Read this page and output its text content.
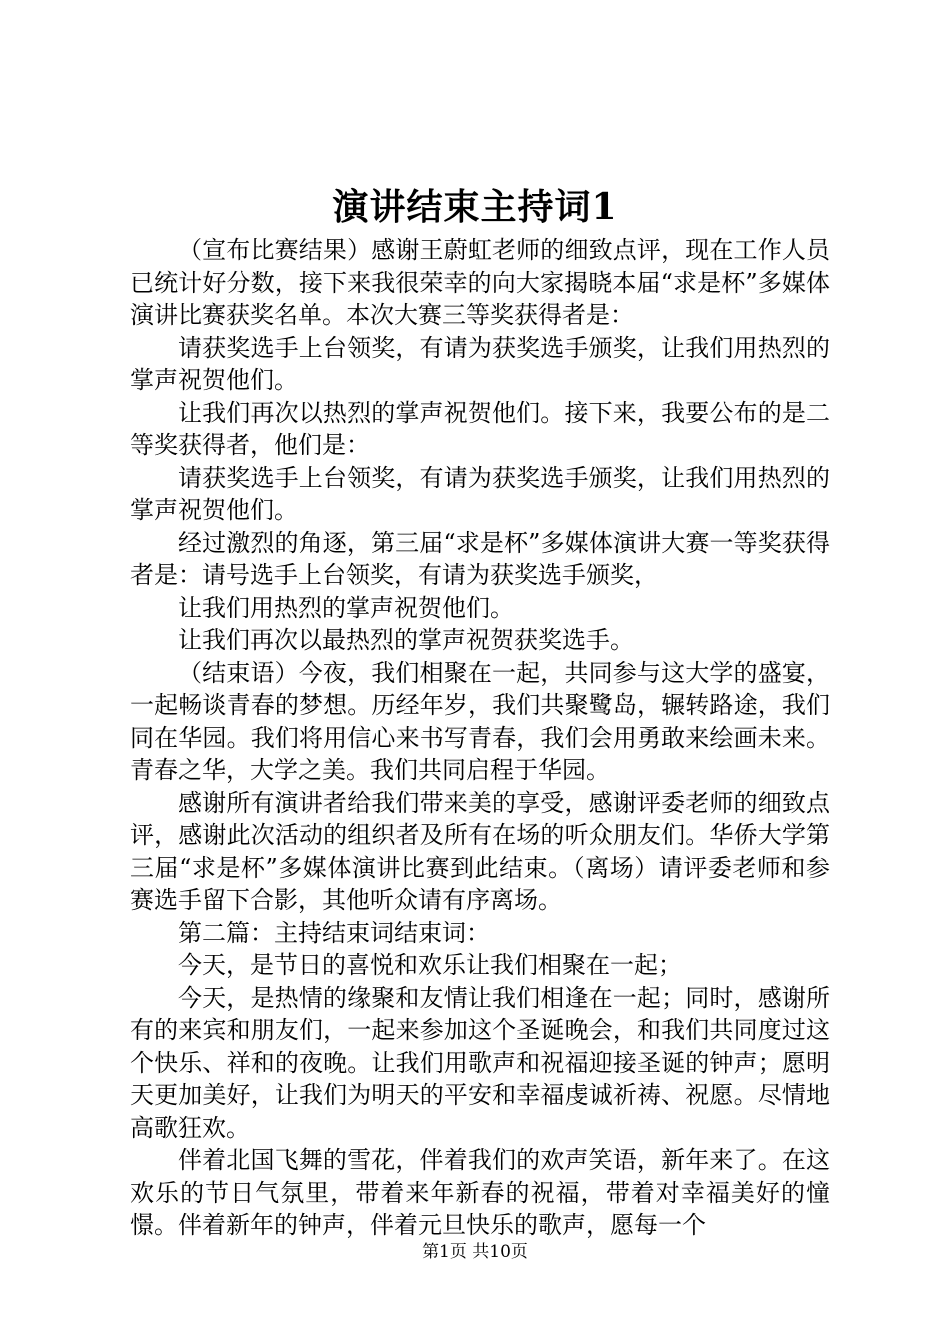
演讲结束主持词1

（宣布比赛结果）感谢王蔚虹老师的细致点评，现在工作人员已统计好分数，接下来我很荣幸的向大家揭晓本届“求是杯”多媒体演讲比赛获奖名单。本次大赛三等奖获得者是：

请获奖选手上台领奖，有请为获奖选手颁奖，让我们用热烈的掌声祝贺他们。

让我们再次以热烈的掌声祝贺他们。接下来，我要公布的是二等奖获得者，他们是：

请获奖选手上台领奖，有请为获奖选手颁奖，让我们用热烈的掌声祝贺他们。

经过激烈的角逐，第三届“求是杯”多媒体演讲大赛一等奖获得者是：请号选手上台领奖，有请为获奖选手颁奖，

让我们用热烈的掌声祝贺他们。

让我们再次以最热烈的掌声祝贺获奖选手。

（结束语）今夜，我们相聚在一起，共同参与这大学的盛宴，一起畅谈青春的梦想。历经年岁，我们共聚鹭岛，辗转路途，我们同在华园。我们将用信心来书写青春，我们会用勇敢来绘画未来。青春之华，大学之美。我们共同启程于华园。

感谢所有演讲者给我们带来美的享受，感谢评委老师的细致点评，感谢此次活动的组织者及所有在场的听众朋友们。华侨大学第三届“求是杯”多媒体演讲比赛到此结束。（离场）请评委老师和参赛选手留下合影，其他听众请有序离场。

第二篇：主持结束词结束词：

今天，是节日的喜悦和欢乐让我们相聚在一起；

今天，是热情的缘聚和友情让我们相逢在一起；同时，感谢所有的来宾和朋友们，一起来参加这个圣诞晚会，和我们共同度过这个快乐、祥和的夜晚。让我们用歌声和祝福迎接圣诞的钟声；愿明天更加美好，让我们为明天的平安和幸福虔诚祈祷、祝愿。尽情地高歌狂欢。

伴着北国飞舞的雪花，伴着我们的欢声笑语，新年来了。在这欢乐的节日气氛里，带着来年新春的祝福，带着对幸福美好的憧憬。伴着新年的钟声，伴着元旦快乐的歌声，愿每一个

第1页 共10页
